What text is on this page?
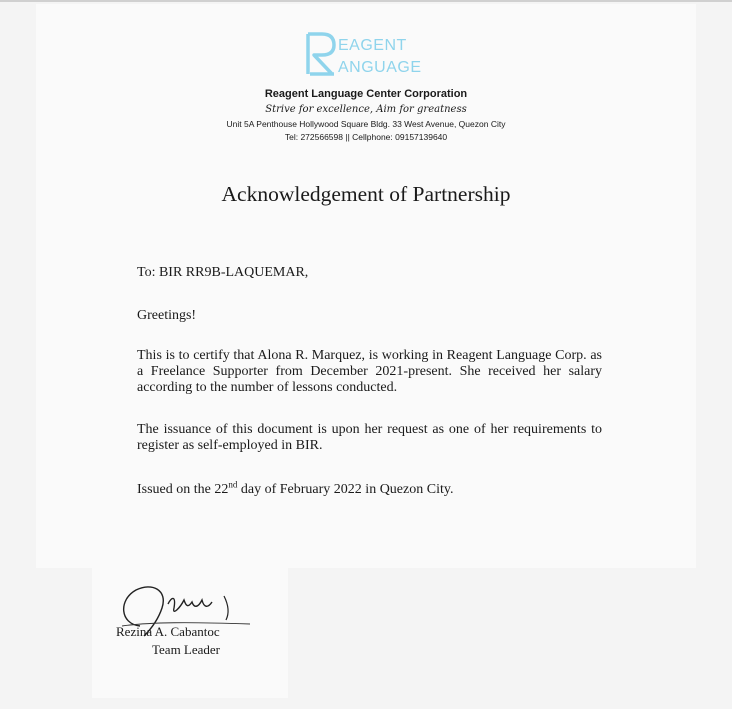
EAGENT
ANGUAGE
Reagent Language Center Corporation
Strive for excellence, Aim for greatness
Unit 5A Penthouse Hollywood Square Bldg. 33 West Avenue, Quezon City
Tel: 272566598 || Cellphone: 09157139640
Acknowledgement of Partnership
To: BIR RR9B-LAQUEMAR,
Greetings!
This is to certify that Alona R. Marquez, is working in Reagent Language Corp. as a Freelance Supporter from December 2021-present. She received her salary according to the number of lessons conducted.
The issuance of this document is upon her request as one of her requirements to register as self-employed in BIR.
Issued on the 22nd day of February 2022 in Quezon City.
Rezina A. Cabantoc
Team Leader
